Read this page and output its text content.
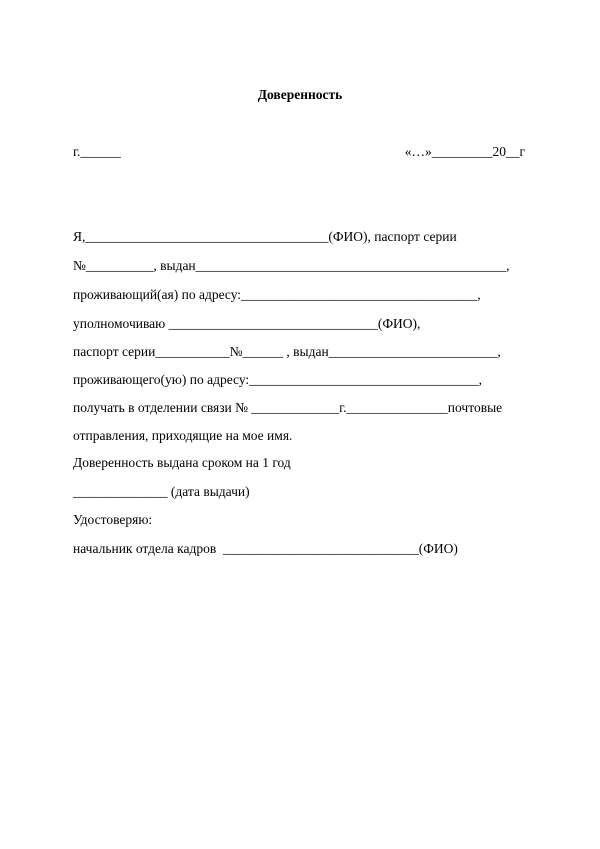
Доверенность
г.______	«…»_________20__г
Я,____________________________________(ФИО), паспорт серии
№__________, выдан______________________________________________,
проживающий(ая) по адресу:___________________________________,
уполномочиваю _______________________________(ФИО),
паспорт серии___________№______ , выдан_________________________,
проживающего(ую) по адресу:__________________________________,
получать в отделении связи № _____________г._______________почтовые
отправления, приходящие на мое имя.
Доверенность выдана сроком на 1 год
______________ (дата выдачи)
Удостоверяю:
начальник отдела кадров  _____________________________(ФИО)
